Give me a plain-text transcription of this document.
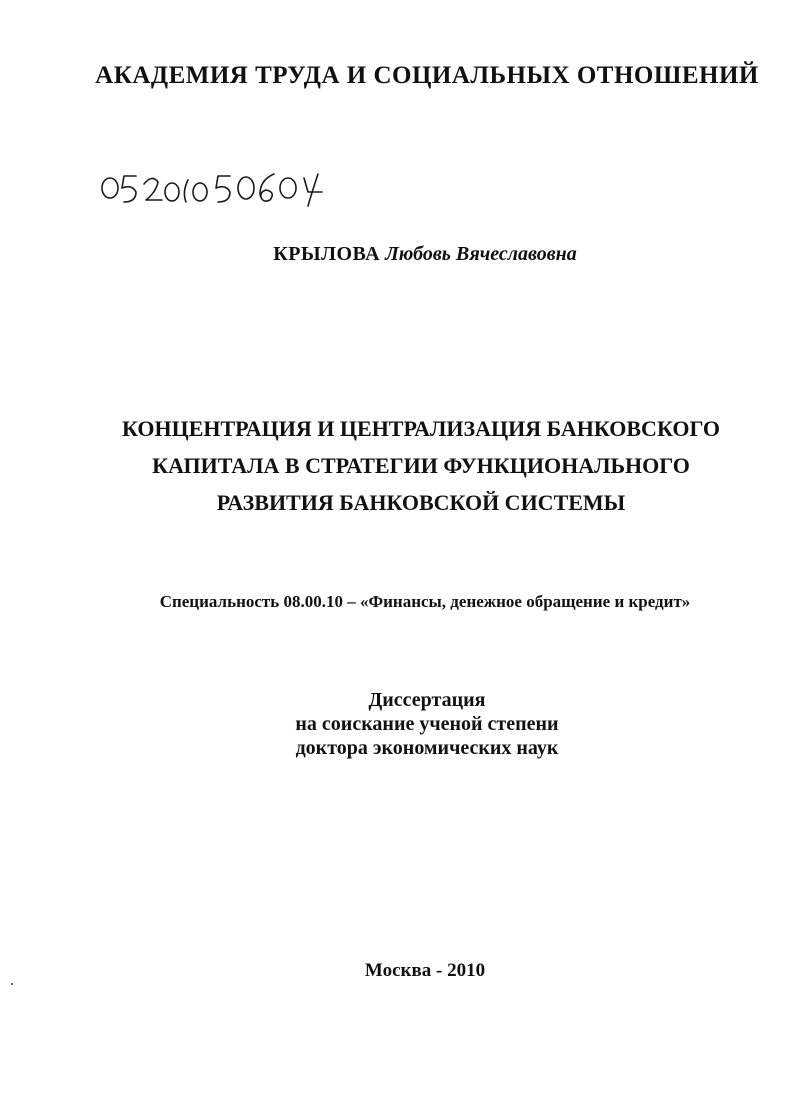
АКАДЕМИЯ ТРУДА И СОЦИАЛЬНЫХ ОТНОШЕНИЙ
КРЫЛОВА Любовь Вячеславовна
КОНЦЕНТРАЦИЯ И ЦЕНТРАЛИЗАЦИЯ БАНКОВСКОГО
КАПИТАЛА В СТРАТЕГИИ ФУНКЦИОНАЛЬНОГО
РАЗВИТИЯ БАНКОВСКОЙ СИСТЕМЫ
Специальность 08.00.10 – «Финансы, денежное обращение и кредит»
Диссертация
на соискание ученой степени
доктора экономических наук
Москва - 2010
